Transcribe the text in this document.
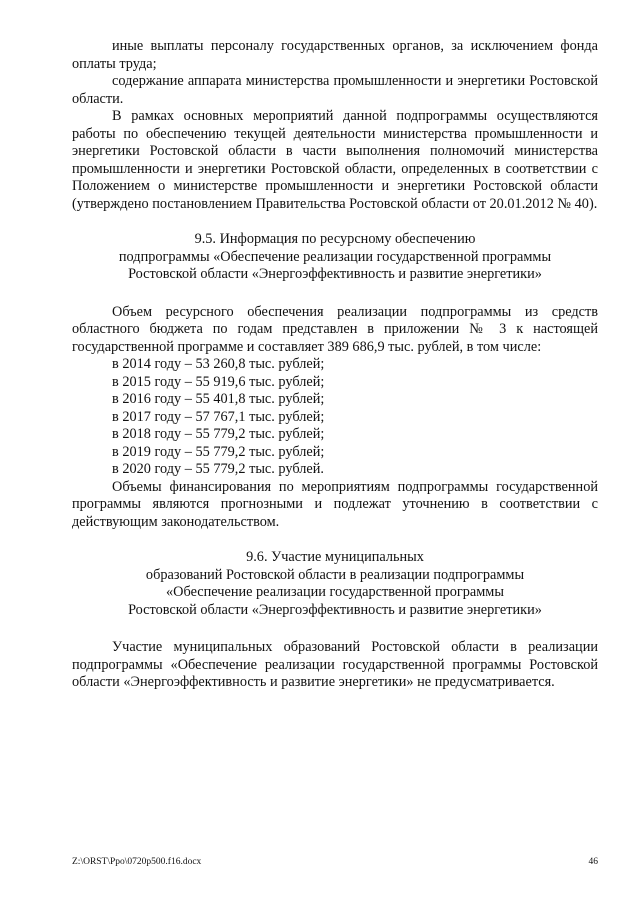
иные выплаты персоналу государственных органов, за исключением фонда оплаты труда;

содержание аппарата министерства промышленности и энергетики Ростовской области.

В рамках основных мероприятий данной подпрограммы осуществляются работы по обеспечению текущей деятельности министерства промышленности и энергетики Ростовской области в части выполнения полномочий министерства промышленности и энергетики Ростовской области, определенных в соответствии с Положением о министерстве промышленности и энергетики Ростовской области (утверждено постановлением Правительства Ростовской области от 20.01.2012 № 40).

9.5. Информация по ресурсному обеспечению
подпрограммы «Обеспечение реализации государственной программы
Ростовской области «Энергоэффективность и развитие энергетики»

Объем ресурсного обеспечения реализации подпрограммы из средств областного бюджета по годам представлен в приложении № 3 к настоящей государственной программе и составляет 389 686,9 тыс. рублей, в том числе:

в 2014 году – 53 260,8 тыс. рублей;

в 2015 году – 55 919,6 тыс. рублей;

в 2016 году – 55 401,8 тыс. рублей;

в 2017 году – 57 767,1 тыс. рублей;

в 2018 году – 55 779,2 тыс. рублей;

в 2019 году – 55 779,2 тыс. рублей;

в 2020 году – 55 779,2 тыс. рублей.

Объемы финансирования по мероприятиям подпрограммы государственной программы являются прогнозными и подлежат уточнению в соответствии с действующим законодательством.

9.6. Участие муниципальных
образований Ростовской области в реализации подпрограммы
«Обеспечение реализации государственной программы
Ростовской области «Энергоэффективность и развитие энергетики»

Участие муниципальных образований Ростовской области в реализации подпрограммы «Обеспечение реализации государственной программы Ростовской области «Энергоэффективность и развитие энергетики» не предусматривается.

Z:\ORST\Ppo\0720p500.f16.docx	46
